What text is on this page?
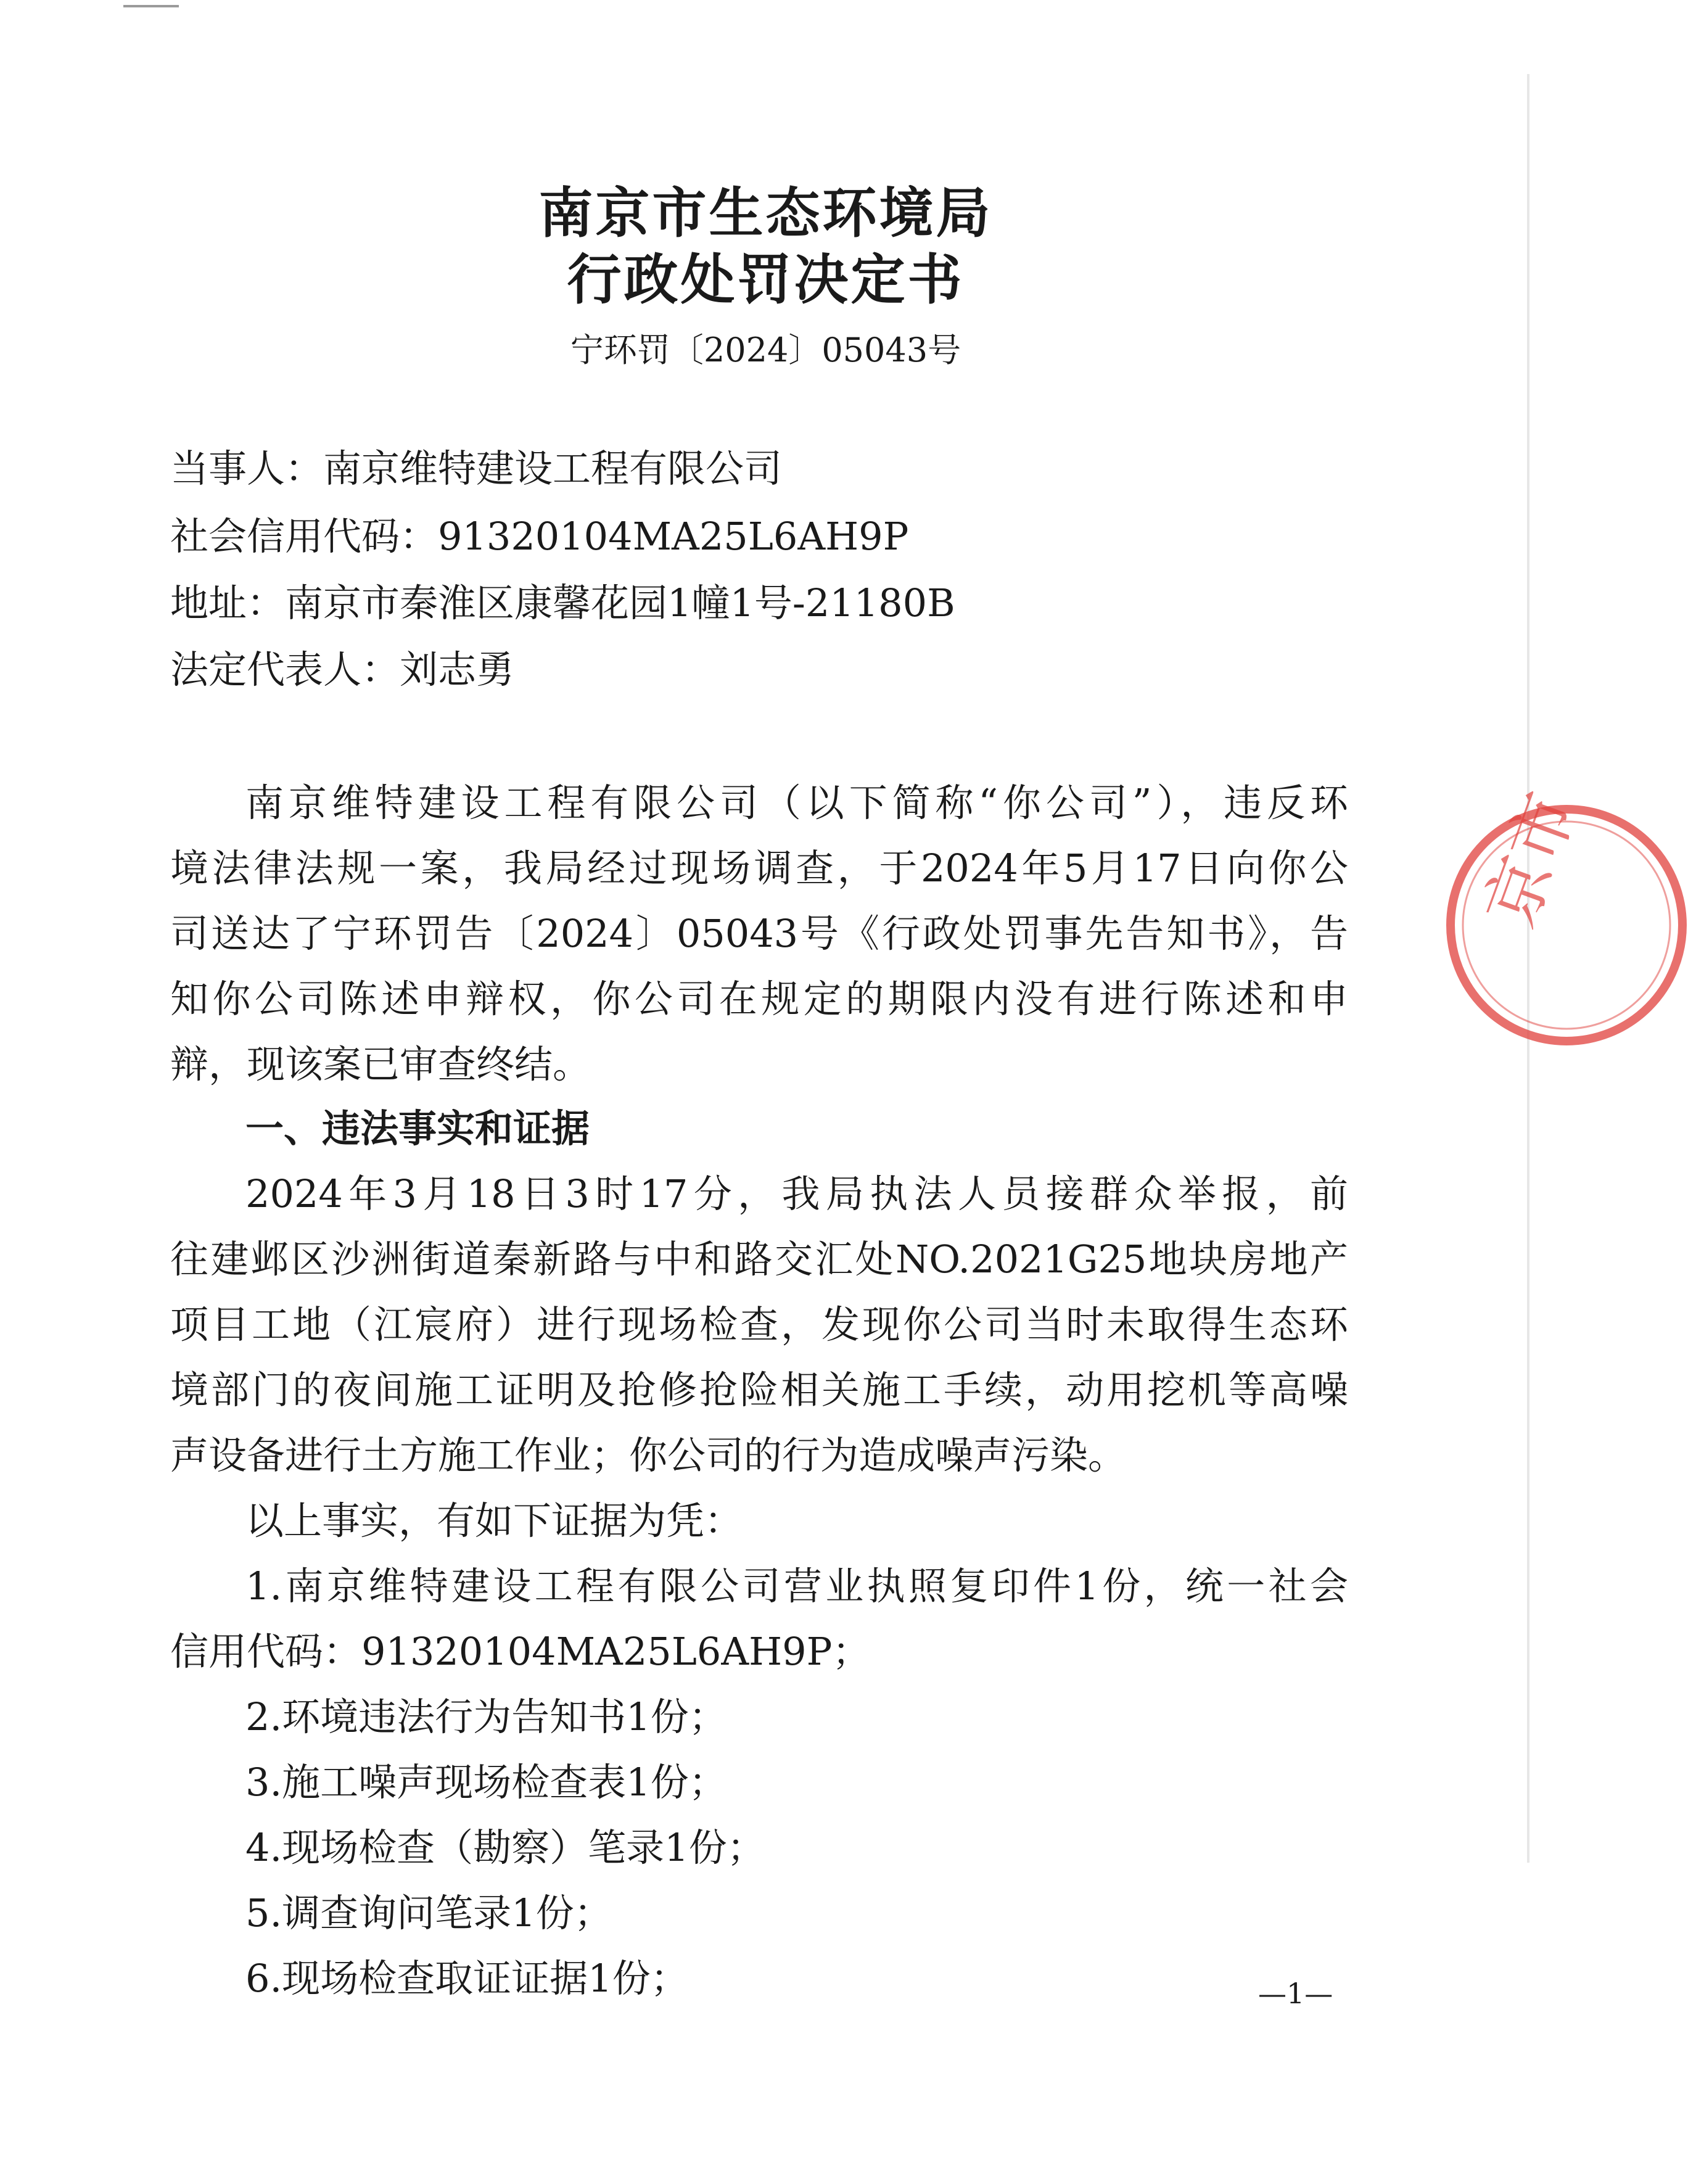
南京市生态环境局
行政处罚决定书
宁环罚〔2024〕05043号
当事人：南京维特建设工程有限公司
社会信用代码：91320104MA25L6AH9P
地址：南京市秦淮区康馨花园1幢1号-21180B
法定代表人：刘志勇
南京维特建设工程有限公司（以下简称“你公司”），违反环
境法律法规一案，我局经过现场调查，于2024年5月17日向你公
司送达了宁环罚告〔2024〕05043号《行政处罚事先告知书》，告
知你公司陈述申辩权，你公司在规定的期限内没有进行陈述和申
辩，现该案已审查终结。
一、违法事实和证据
2024年3月18日3时17分，我局执法人员接群众举报，前
往建邺区沙洲街道秦新路与中和路交汇处NO.2021G25地块房地产
项目工地（江宸府）进行现场检查，发现你公司当时未取得生态环
境部门的夜间施工证明及抢修抢险相关施工手续，动用挖机等高噪
声设备进行土方施工作业；你公司的行为造成噪声污染。
以上事实，有如下证据为凭：
1.南京维特建设工程有限公司营业执照复印件1份，统一社会
信用代码：91320104MA25L6AH9P；
2.环境违法行为告知书1份；
3.施工噪声现场检查表1份；
4.现场检查（勘察）笔录1份；
5.调查询问笔录1份；
6.现场检查取证证据1份；	—1—
京市
